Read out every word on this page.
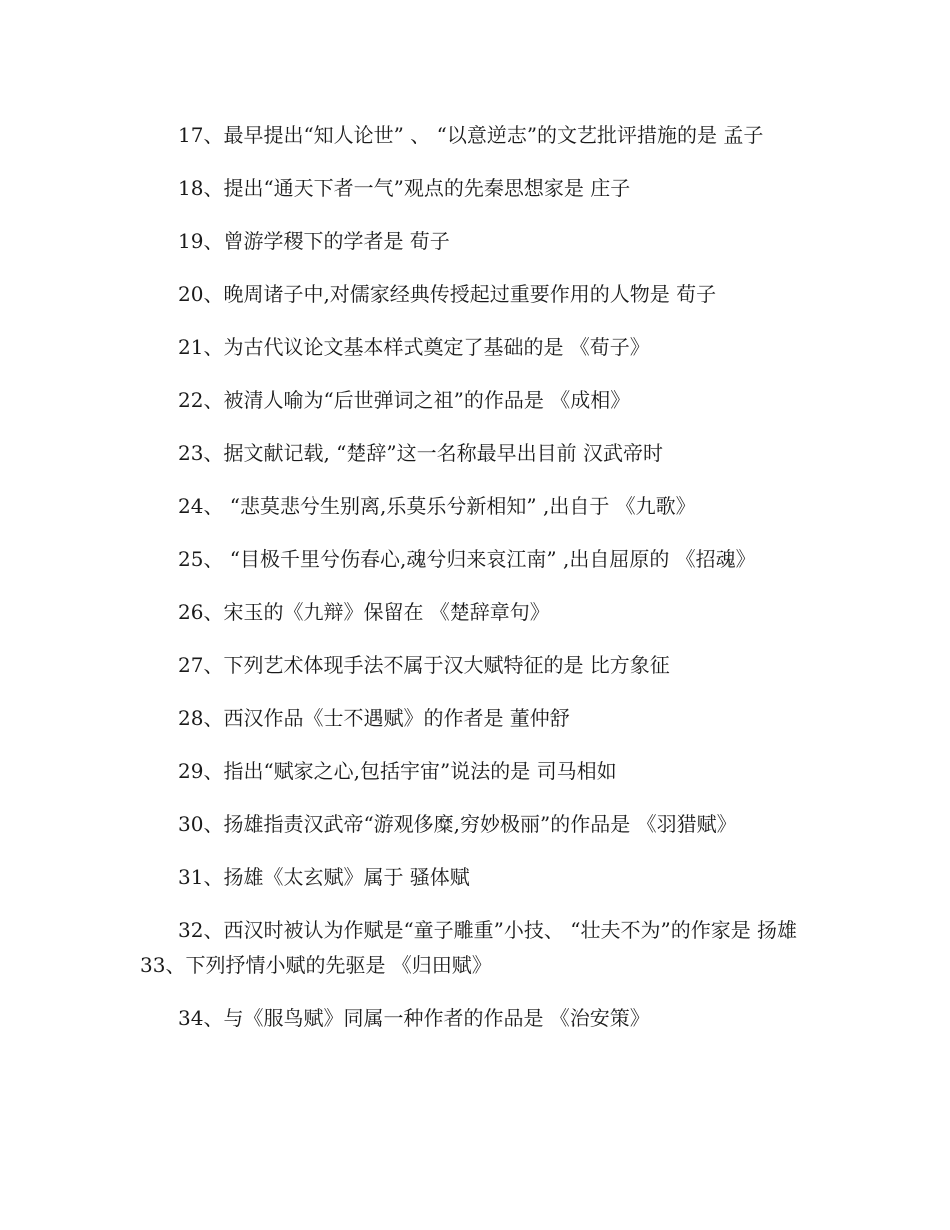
17、最早提出“知人论世” 、 “以意逆志”的文艺批评措施的是 孟子

18、提出“通天下者一气”观点的先秦思想家是 庄子

19、曾游学稷下的学者是 荀子

20、晚周诸子中,对儒家经典传授起过重要作用的人物是 荀子

21、为古代议论文基本样式奠定了基础的是 《荀子》

22、被清人喻为“后世弹词之祖”的作品是 《成相》

23、据文献记载, “楚辞”这一名称最早出目前 汉武帝时

24、 “悲莫悲兮生别离,乐莫乐兮新相知” ,出自于 《九歌》

25、 “目极千里兮伤春心,魂兮归来哀江南” ,出自屈原的 《招魂》

26、宋玉的《九辩》保留在 《楚辞章句》

27、下列艺术体现手法不属于汉大赋特征的是 比方象征

28、西汉作品《士不遇赋》的作者是 董仲舒

29、指出“赋家之心,包括宇宙”说法的是 司马相如

30、扬雄指责汉武帝“游观侈糜,穷妙极丽”的作品是 《羽猎赋》

31、扬雄《太玄赋》属于 骚体赋

32、西汉时被认为作赋是“童子雕重”小技、 “壮夫不为”的作家是 扬雄 33、下列抒情小赋的先驱是 《归田赋》

34、与《服鸟赋》同属一种作者的作品是 《治安策》
